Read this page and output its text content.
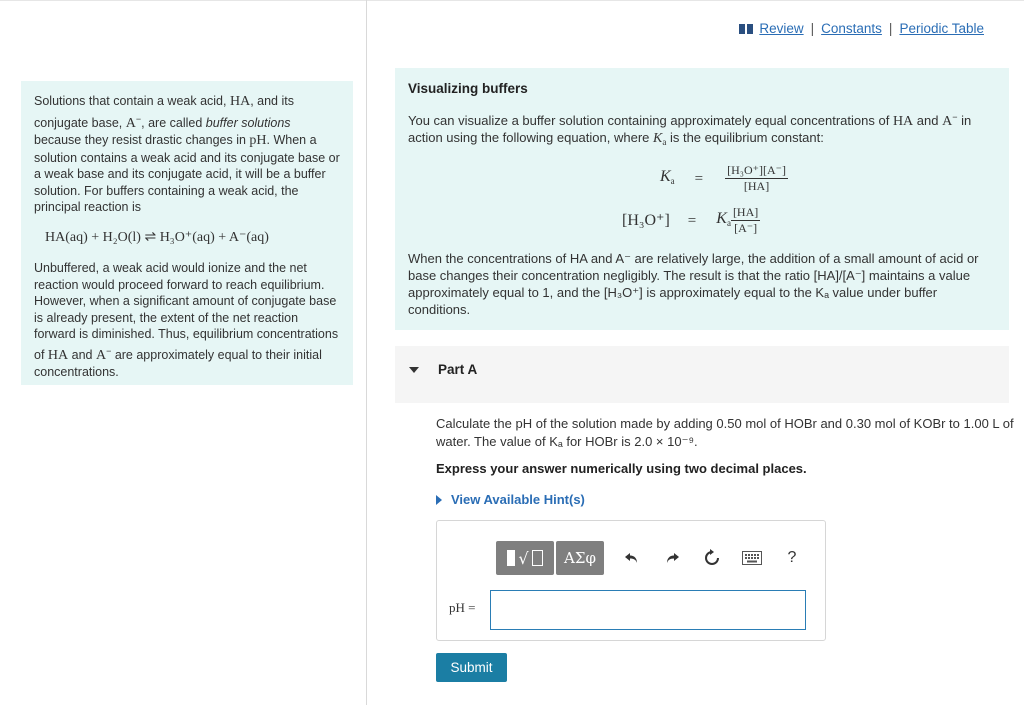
Solutions that contain a weak acid, HA, and its conjugate base, A−, are called buffer solutions because they resist drastic changes in pH. When a solution contains a weak acid and its conjugate base or a weak base and its conjugate acid, it will be a buffer solution. For buffers containing a weak acid, the principal reaction is

HA(aq) + H₂O(l) ⇌ H₃O⁺(aq) + A⁻(aq)

Unbuffered, a weak acid would ionize and the net reaction would proceed forward to reach equilibrium. However, when a significant amount of conjugate base is already present, the extent of the net reaction forward is diminished. Thus, equilibrium concentrations of HA and A− are approximately equal to their initial concentrations.

Review | Constants | Periodic Table
Visualizing buffers

You can visualize a buffer solution containing approximately equal concentrations of HA and A− in action using the following equation, where $K_a$ is the equilibrium constant:

$K_a = \frac{\text{[H₃O⁺][A⁻]}}{[HA]}$
$[H_3O^+] = K_a \frac{[HA]}{[A^-]}$

When the concentrations of HA and A⁻ are relatively large, the addition of a small amount of acid or base changes their concentration negligibly. The result is that the ratio [HA]/[A⁻] maintains a value approximately equal to 1, and the [H₃O⁺] is approximately equal to the Kₐ value under buffer conditions.

Part A
Calculate the pH of the solution made by adding 0.50 mol of HOBr and 0.30 mol of KOBr to 1.00 L of water. The value of Kₐ for HOBr is 2.0 × 10⁻⁹.
Express your answer numerically using two decimal places.
View Available Hint(s)
√	ΑΣφ	?
pH =
Submit
